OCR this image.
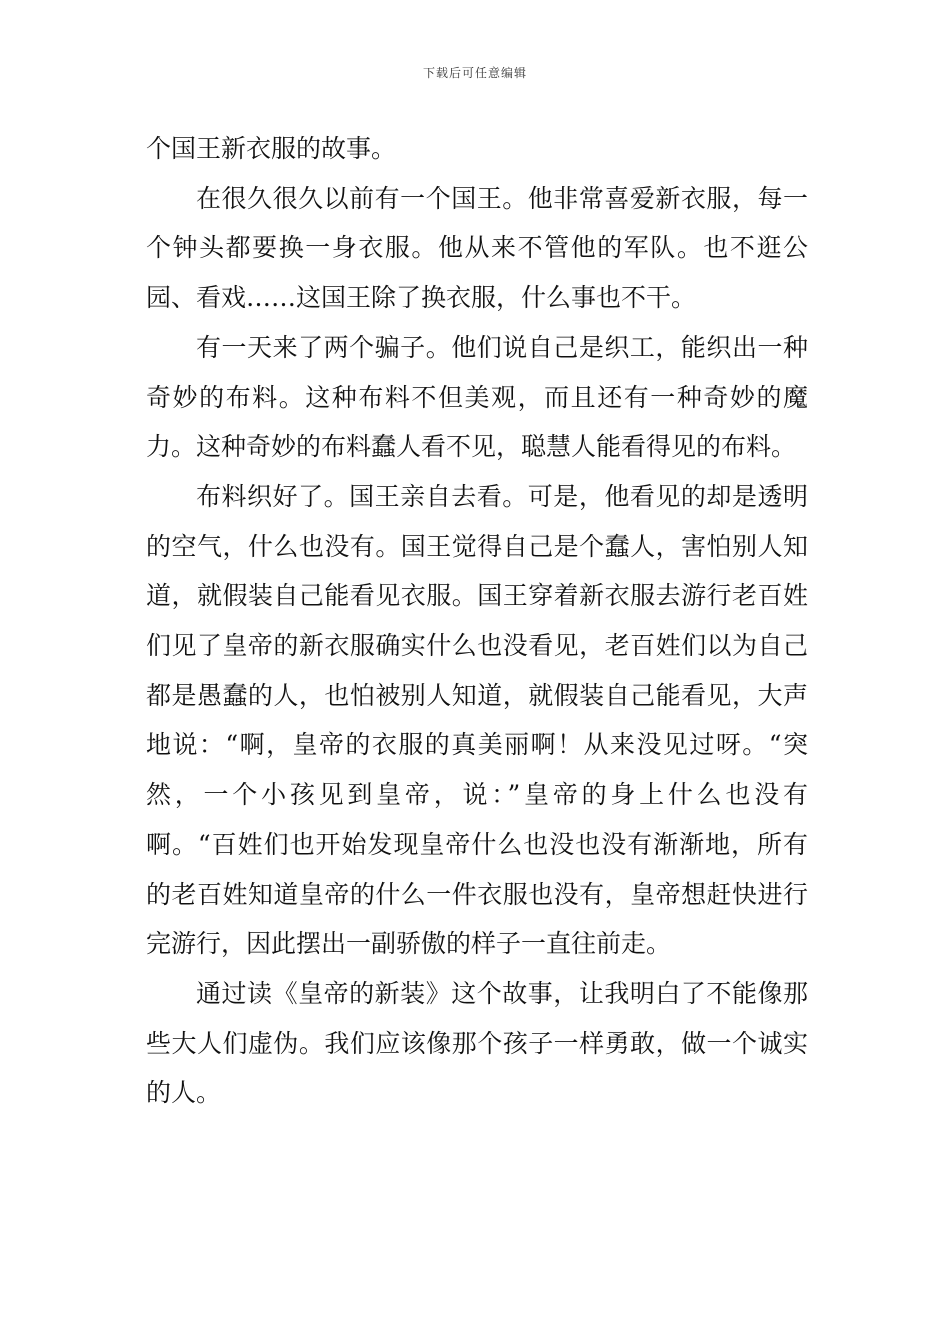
下载后可任意编辑

个国王新衣服的故事。

在很久很久以前有一个国王。他非常喜爱新衣服，每一个钟头都要换一身衣服。他从来不管他的军队。也不逛公园、看戏……这国王除了换衣服，什么事也不干。

有一天来了两个骗子。他们说自己是织工，能织出一种奇妙的布料。这种布料不但美观，而且还有一种奇妙的魔力。这种奇妙的布料蠢人看不见，聪慧人能看得见的布料。

布料织好了。国王亲自去看。可是，他看见的却是透明的空气，什么也没有。国王觉得自己是个蠢人，害怕别人知道，就假装自己能看见衣服。国王穿着新衣服去游行老百姓们见了皇帝的新衣服确实什么也没看见，老百姓们以为自己都是愚蠢的人，也怕被别人知道，就假装自己能看见，大声地说：“啊，皇帝的衣服的真美丽啊！从来没见过呀。“突然，一个小孩见到皇帝，说：”皇帝的身上什么也没有啊。“百姓们也开始发现皇帝什么也没也没有渐渐地，所有的老百姓知道皇帝的什么一件衣服也没有，皇帝想赶快进行完游行，因此摆出一副骄傲的样子一直往前走。

通过读《皇帝的新装》这个故事，让我明白了不能像那些大人们虚伪。我们应该像那个孩子一样勇敢，做一个诚实的人。
